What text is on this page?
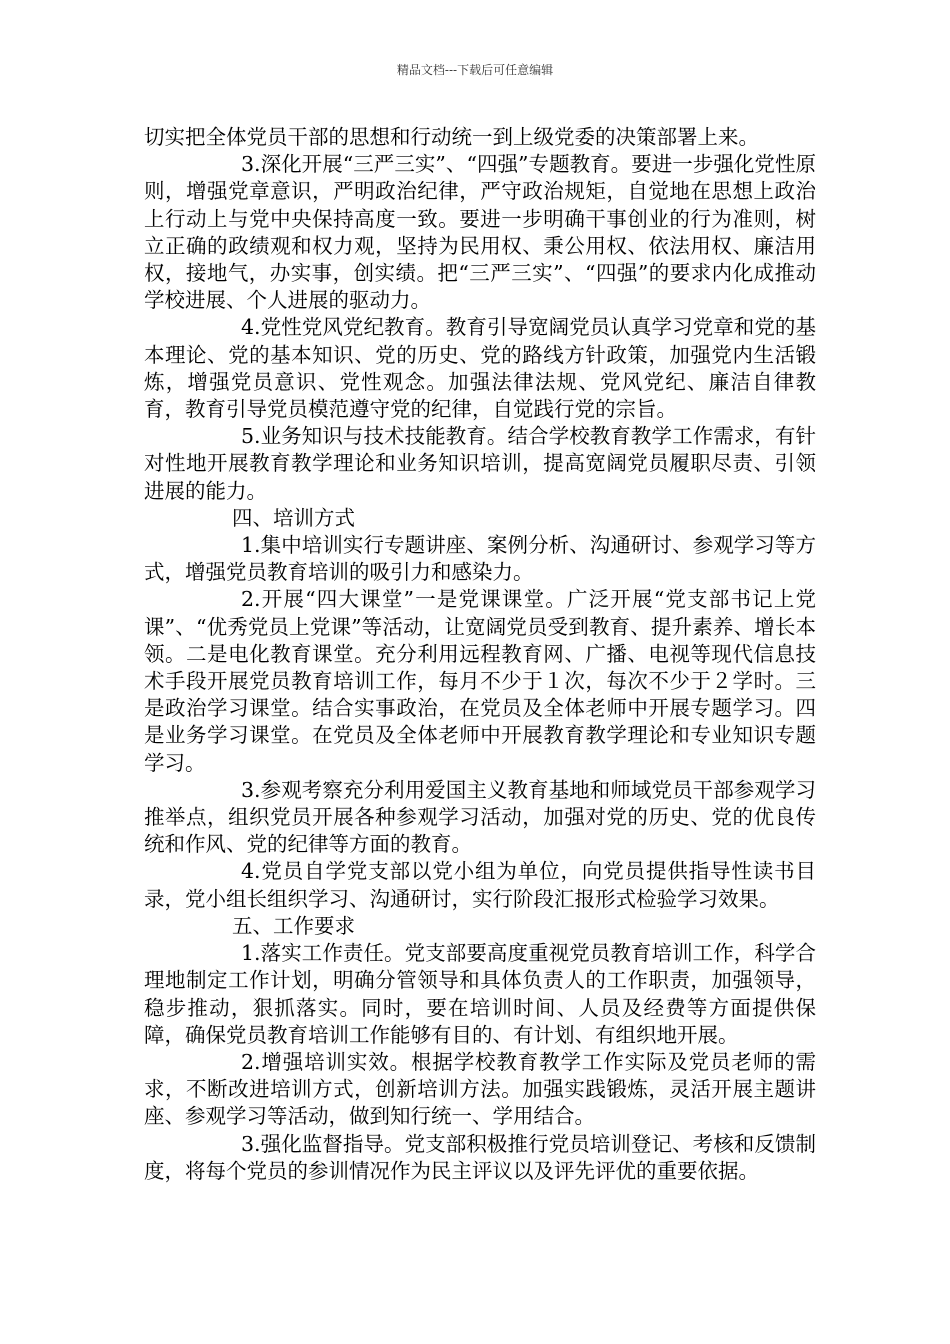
精品文档---下载后可任意编辑

切实把全体党员干部的思想和行动统一到上级党委的决策部署上来。

3.深化开展“三严三实”、“四强”专题教育。要进一步强化党性原则，增强党章意识，严明政治纪律，严守政治规矩，自觉地在思想上政治上行动上与党中央保持高度一致。要进一步明确干事创业的行为准则，树立正确的政绩观和权力观，坚持为民用权、秉公用权、依法用权、廉洁用权，接地气，办实事，创实绩。把“三严三实”、“四强”的要求内化成推动学校进展、个人进展的驱动力。

4.党性党风党纪教育。教育引导宽阔党员认真学习党章和党的基本理论、党的基本知识、党的历史、党的路线方针政策，加强党内生活锻炼，增强党员意识、党性观念。加强法律法规、党风党纪、廉洁自律教育，教育引导党员模范遵守党的纪律，自觉践行党的宗旨。

5.业务知识与技术技能教育。结合学校教育教学工作需求，有针对性地开展教育教学理论和业务知识培训，提高宽阔党员履职尽责、引领进展的能力。

四、培训方式

1.集中培训实行专题讲座、案例分析、沟通研讨、参观学习等方式，增强党员教育培训的吸引力和感染力。

2.开展“四大课堂”一是党课课堂。广泛开展“党支部书记上党课”、“优秀党员上党课”等活动，让宽阔党员受到教育、提升素养、增长本领。二是电化教育课堂。充分利用远程教育网、广播、电视等现代信息技术手段开展党员教育培训工作，每月不少于１次，每次不少于２学时。三是政治学习课堂。结合实事政治，在党员及全体老师中开展专题学习。四是业务学习课堂。在党员及全体老师中开展教育教学理论和专业知识专题学习。

3.参观考察充分利用爱国主义教育基地和师域党员干部参观学习推举点，组织党员开展各种参观学习活动，加强对党的历史、党的优良传统和作风、党的纪律等方面的教育。

4.党员自学党支部以党小组为单位，向党员提供指导性读书目录，党小组长组织学习、沟通研讨，实行阶段汇报形式检验学习效果。

五、工作要求

1.落实工作责任。党支部要高度重视党员教育培训工作，科学合理地制定工作计划，明确分管领导和具体负责人的工作职责，加强领导，稳步推动，狠抓落实。同时，要在培训时间、人员及经费等方面提供保障，确保党员教育培训工作能够有目的、有计划、有组织地开展。

2.增强培训实效。根据学校教育教学工作实际及党员老师的需求，不断改进培训方式，创新培训方法。加强实践锻炼，灵活开展主题讲座、参观学习等活动，做到知行统一、学用结合。

3.强化监督指导。党支部积极推行党员培训登记、考核和反馈制度，将每个党员的参训情况作为民主评议以及评先评优的重要依据。
